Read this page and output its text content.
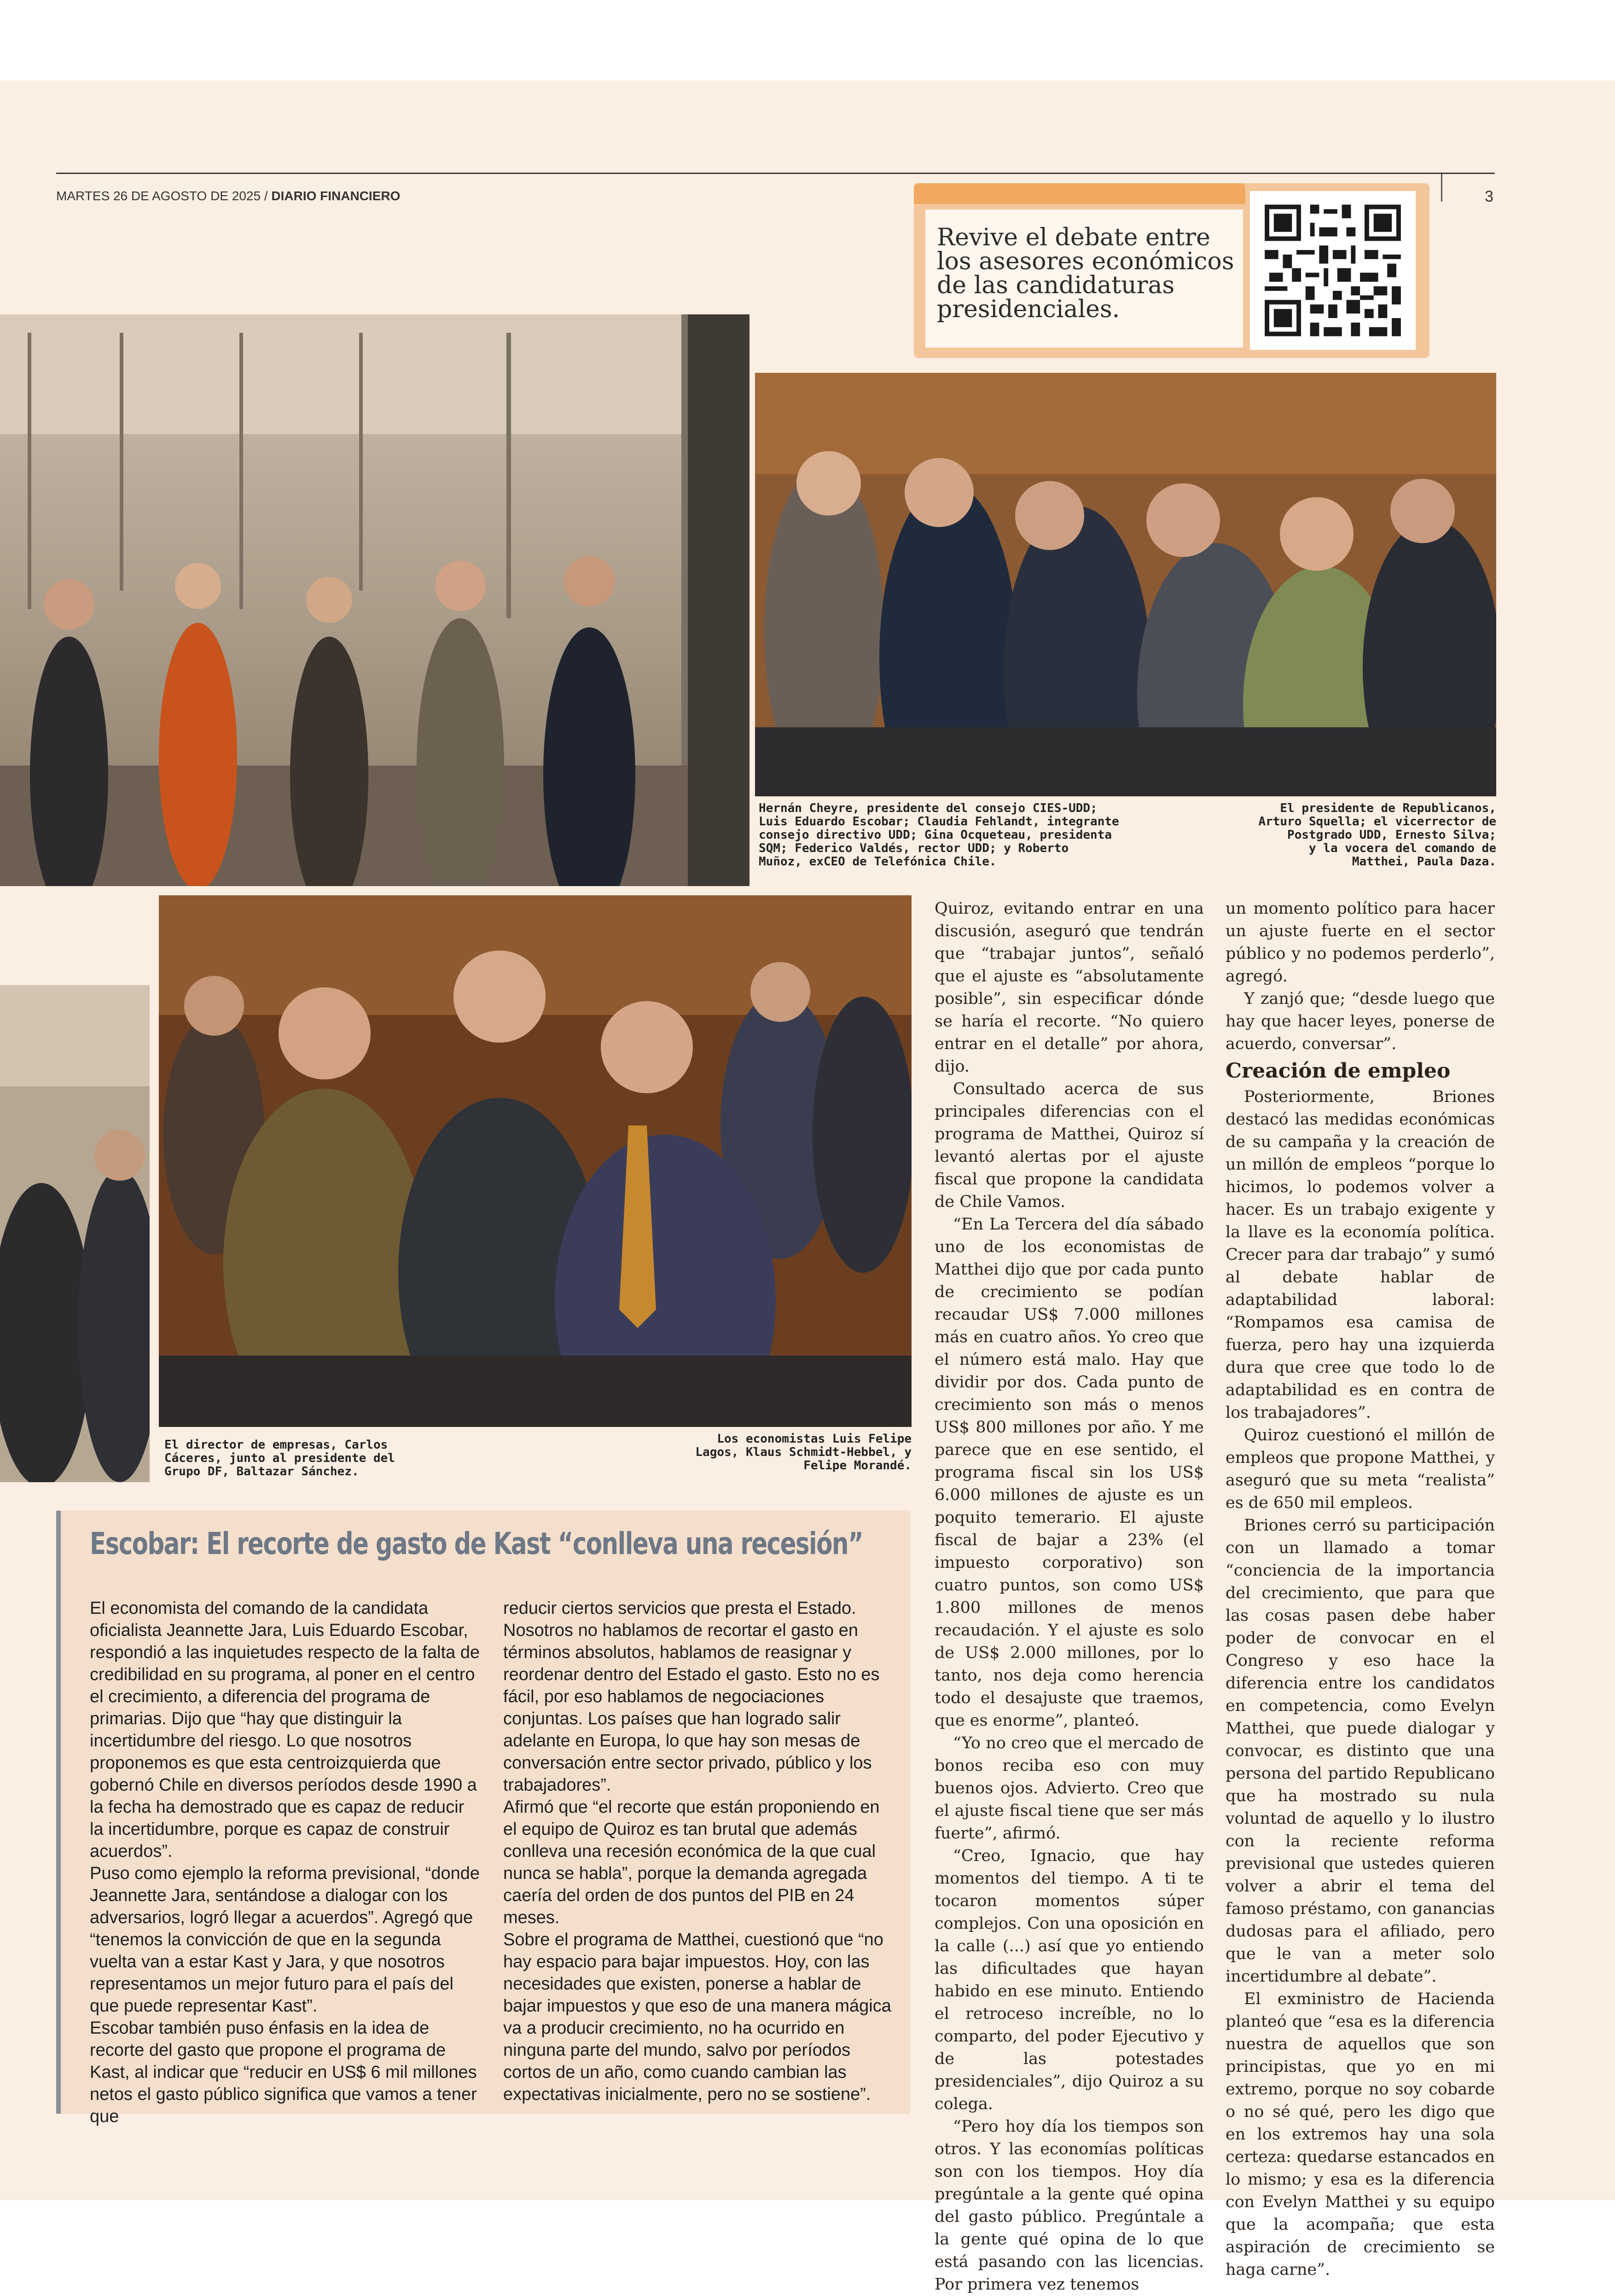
MARTES 26 DE AGOSTO DE 2025 / DIARIO FINANCIERO	3
Revive el debate entre
los asesores económicos
de las candidaturas
presidenciales.
Hernán Cheyre, presidente del consejo CIES-UDD;
Luis Eduardo Escobar; Claudia Fehlandt, integrante
consejo directivo UDD; Gina Ocqueteau, presidenta
SQM; Federico Valdés, rector UDD; y Roberto
Muñoz, exCEO de Telefónica Chile.
El presidente de Republicanos,
Arturo Squella; el vicerrector de
Postgrado UDD, Ernesto Silva;
y la vocera del comando de
Matthei, Paula Daza.
El director de empresas, Carlos
Cáceres, junto al presidente del
Grupo DF, Baltazar Sánchez.
Los economistas Luis Felipe
Lagos, Klaus Schmidt-Hebbel, y
Felipe Morandé.

Quiroz, evitando entrar en una discusión, aseguró que tendrán que “trabajar juntos”, señaló que el ajuste es “absolutamente posible”, sin especificar dónde se haría el recorte. “No quiero entrar en el detalle” por ahora, dijo.

Consultado acerca de sus principales diferencias con el programa de Matthei, Quiroz sí levantó alertas por el ajuste fiscal que propone la candidata de Chile Vamos.

“En La Tercera del día sábado uno de los economistas de Matthei dijo que por cada punto de crecimiento se podían recaudar US$ 7.000 millones más en cuatro años. Yo creo que el número está malo. Hay que dividir por dos. Cada punto de crecimiento son más o menos US$ 800 millones por año. Y me parece que en ese sentido, el programa fiscal sin los US$ 6.000 millones de ajuste es un poquito temerario. El ajuste fiscal de bajar a 23% (el impuesto corporativo) son cuatro puntos, son como US$ 1.800 millones de menos recaudación. Y el ajuste es solo de US$ 2.000 millones, por lo tanto, nos deja como herencia todo el desajuste que traemos, que es enorme”, planteó.

“Yo no creo que el mercado de bonos reciba eso con muy buenos ojos. Advierto. Creo que el ajuste fiscal tiene que ser más fuerte”, afirmó.

“Creo, Ignacio, que hay momentos del tiempo. A ti te tocaron momentos súper complejos. Con una oposición en la calle (...) así que yo entiendo las dificultades que hayan habido en ese minuto. Entiendo el retroceso increíble, no lo comparto, del poder Ejecutivo y de las potestades presidenciales”, dijo Quiroz a su colega.

“Pero hoy día los tiempos son otros. Y las economías políticas son con los tiempos. Hoy día pregúntale a la gente qué opina del gasto público. Pregúntale a la gente qué opina de lo que está pasando con las licencias. Por primera vez tenemos

un momento político para hacer un ajuste fuerte en el sector público y no podemos perderlo”, agregó.

Y zanjó que; “desde luego que hay que hacer leyes, ponerse de acuerdo, conversar”.

Creación de empleo

Posteriormente, Briones destacó las medidas económicas de su campaña y la creación de un millón de empleos “porque lo hicimos, lo podemos volver a hacer. Es un trabajo exigente y la llave es la economía política. Crecer para dar trabajo” y sumó al debate hablar de adaptabilidad laboral: “Rompamos esa camisa de fuerza, pero hay una izquierda dura que cree que todo lo de adaptabilidad es en contra de los trabajadores”.

Quiroz cuestionó el millón de empleos que propone Matthei, y aseguró que su meta “realista” es de 650 mil empleos.

Briones cerró su participación con un llamado a tomar “conciencia de la importancia del crecimiento, que para que las cosas pasen debe haber poder de convocar en el Congreso y eso hace la diferencia entre los candidatos en competencia, como Evelyn Matthei, que puede dialogar y convocar, es distinto que una persona del partido Republicano que ha mostrado su nula voluntad de aquello y lo ilustro con la reciente reforma previsional que ustedes quieren volver a abrir el tema del famoso préstamo, con ganancias dudosas para el afiliado, pero que le van a meter solo incertidumbre al debate”.

El exministro de Hacienda planteó que “esa es la diferencia nuestra de aquellos que son principistas, que yo en mi extremo, porque no soy cobarde o no sé qué, pero les digo que en los extremos hay una sola certeza: quedarse estancados en lo mismo; y esa es la diferencia con Evelyn Matthei y su equipo que la acompaña; que esta aspiración de crecimiento se haga carne”.

Escobar: El recorte de gasto de Kast “conlleva una recesión”

El economista del comando de la candidata oficialista Jeannette Jara, Luis Eduardo Escobar, respondió a las inquietudes respecto de la falta de credibilidad en su programa, al poner en el centro el crecimiento, a diferencia del programa de primarias. Dijo que “hay que distinguir la incertidumbre del riesgo. Lo que nosotros proponemos es que esta centroizquierda que gobernó Chile en diversos períodos desde 1990 a la fecha ha demostrado que es capaz de reducir la incertidumbre, porque es capaz de construir acuerdos”.

Puso como ejemplo la reforma previsional, “donde Jeannette Jara, sentándose a dialogar con los adversarios, logró llegar a acuerdos”. Agregó que “tenemos la convicción de que en la segunda vuelta van a estar Kast y Jara, y que nosotros representamos un mejor futuro para el país del que puede representar Kast”.

Escobar también puso énfasis en la idea de recorte del gasto que propone el programa de Kast, al indicar que “reducir en US$ 6 mil millones netos el gasto público significa que vamos a tener que

reducir ciertos servicios que presta el Estado. Nosotros no hablamos de recortar el gasto en términos absolutos, hablamos de reasignar y reordenar dentro del Estado el gasto. Esto no es fácil, por eso hablamos de negociaciones conjuntas. Los países que han logrado salir adelante en Europa, lo que hay son mesas de conversación entre sector privado, público y los trabajadores”.

Afirmó que “el recorte que están proponiendo en el equipo de Quiroz es tan brutal que además conlleva una recesión económica de la que cual nunca se habla”, porque la demanda agregada caería del orden de dos puntos del PIB en 24 meses.

Sobre el programa de Matthei, cuestionó que “no hay espacio para bajar impuestos. Hoy, con las necesidades que existen, ponerse a hablar de bajar impuestos y que eso de una manera mágica va a producir crecimiento, no ha ocurrido en ninguna parte del mundo, salvo por períodos cortos de un año, como cuando cambian las expectativas inicialmente, pero no se sostiene”.
